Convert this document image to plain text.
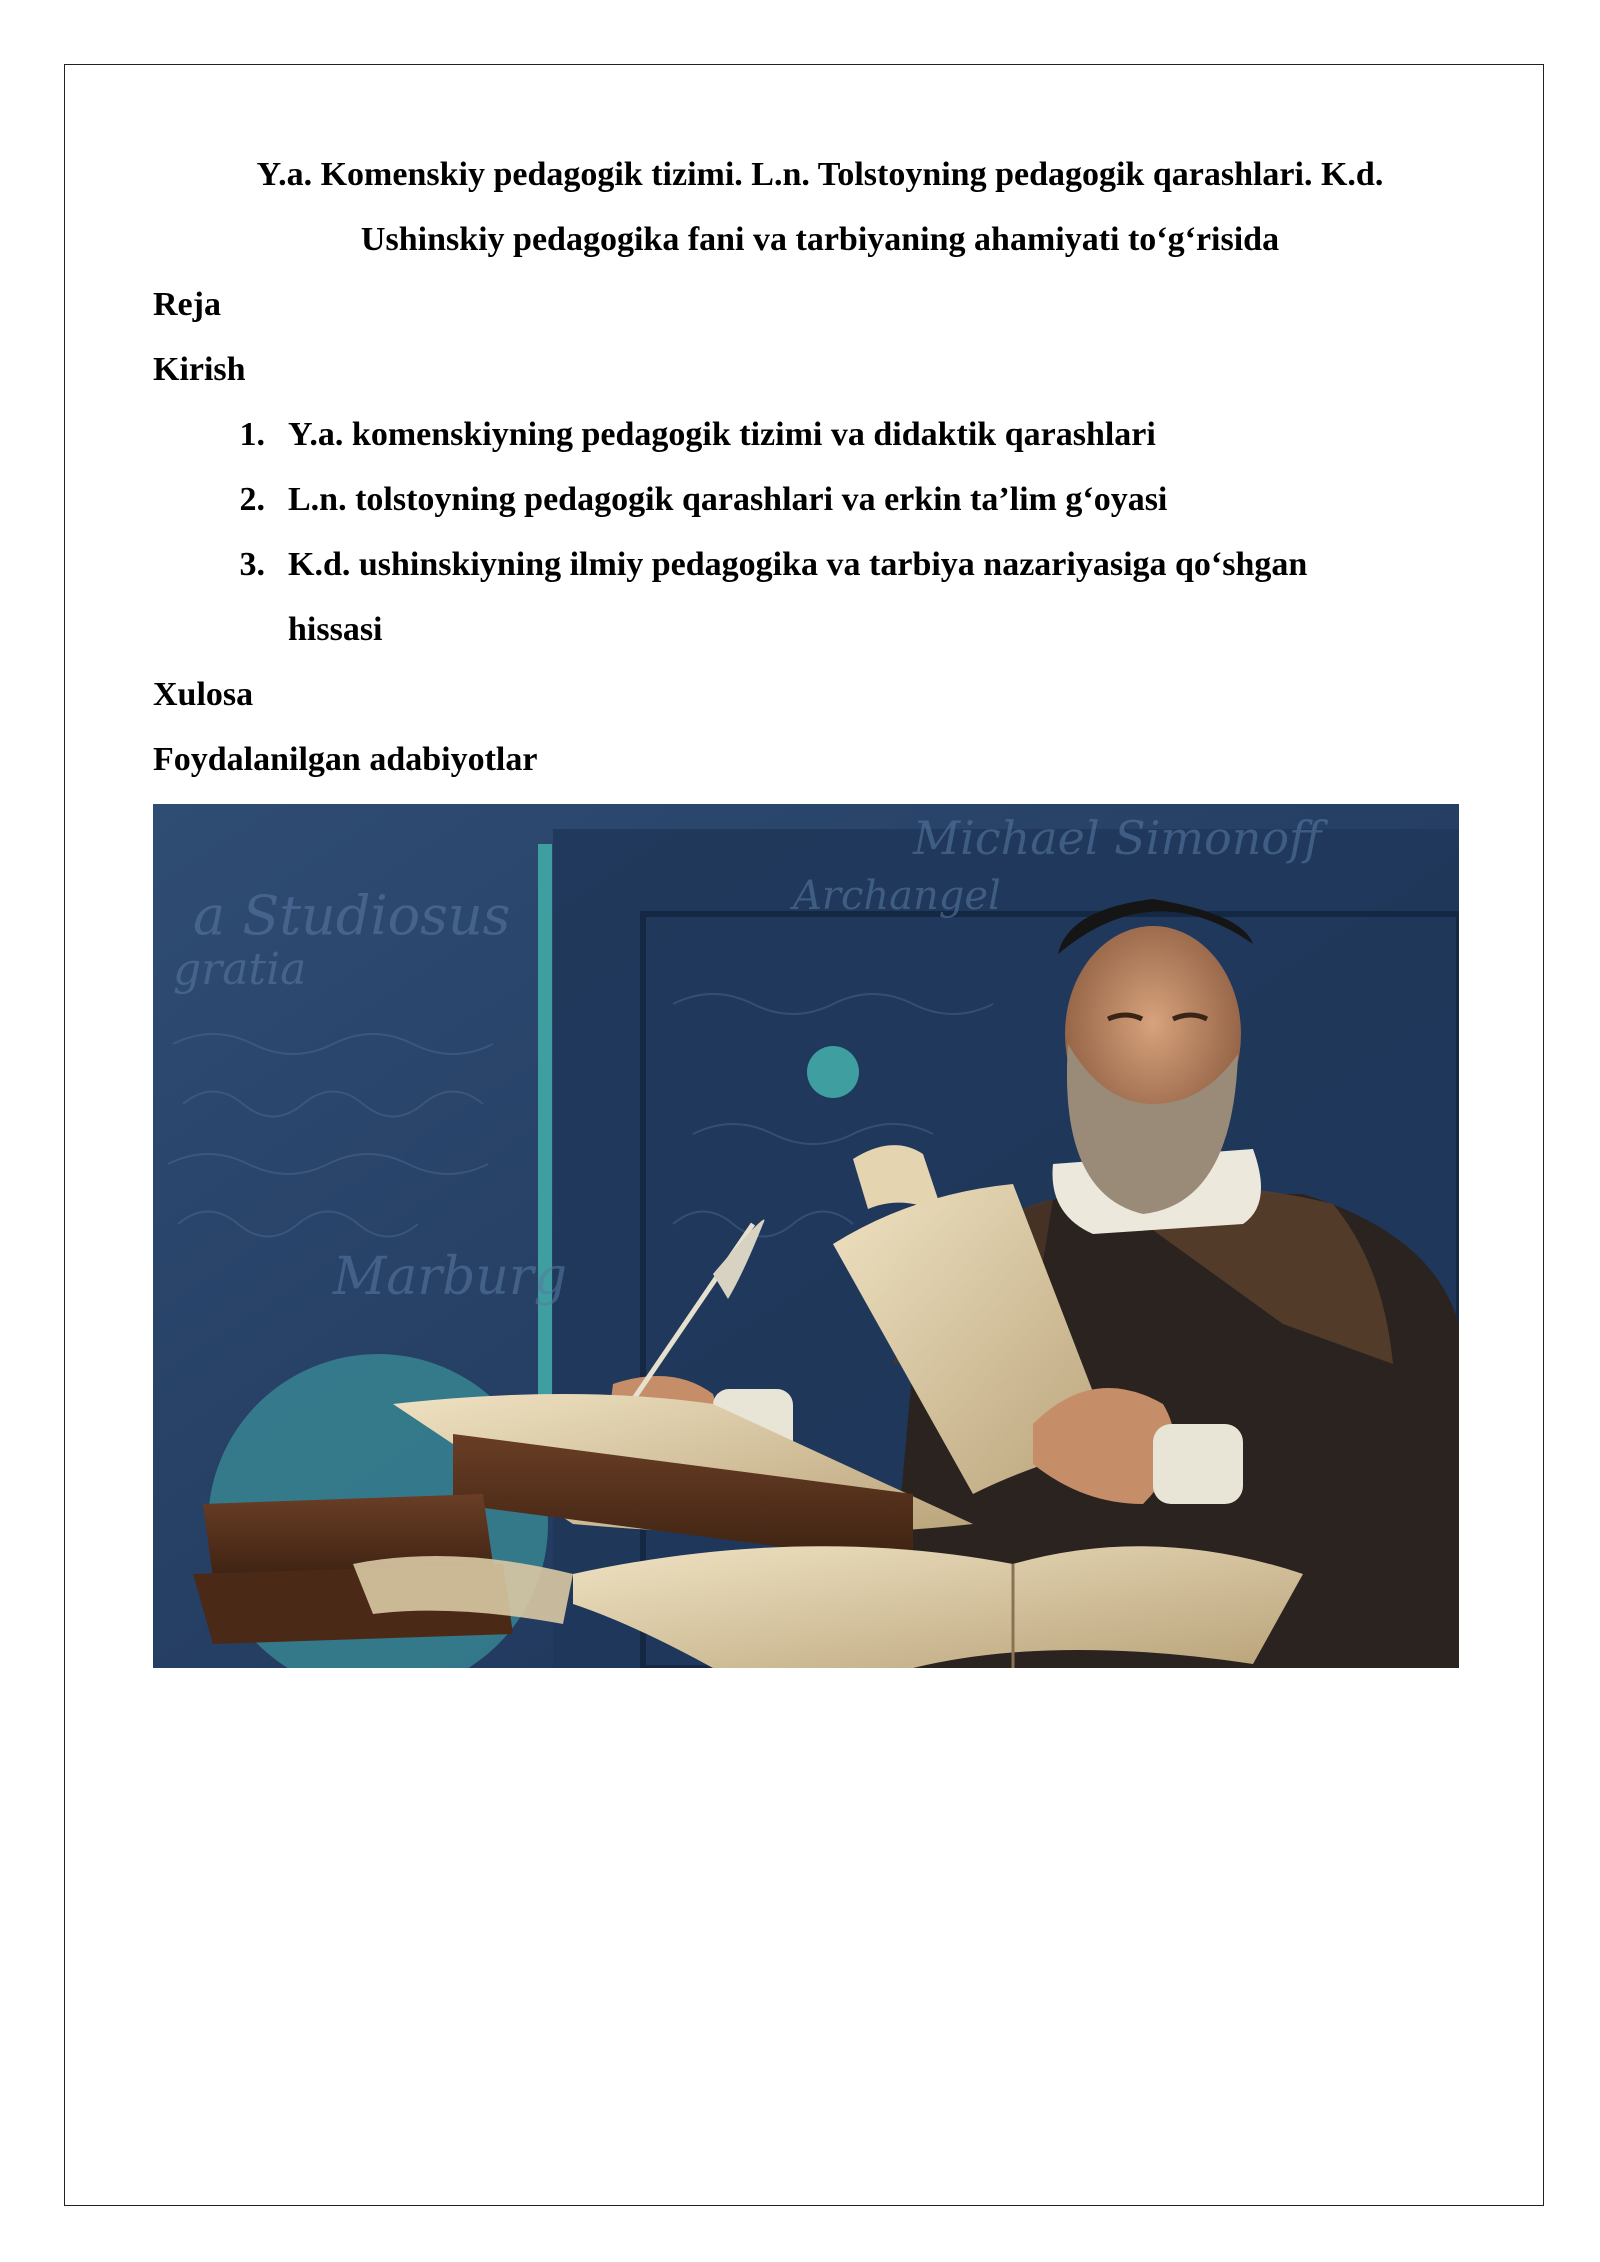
Y.a. Komenskiy pedagogik tizimi. L.n. Tolstoyning pedagogik qarashlari. K.d.
Ushinskiy pedagogika fani va tarbiyaning ahamiyati to‘g‘risida
Reja
Kirish
1. Y.a. komenskiyning pedagogik tizimi va didaktik qarashlari
2. L.n. tolstoyning pedagogik qarashlari va erkin ta’lim g‘oyasi
3. K.d. ushinskiyning ilmiy pedagogika va tarbiya nazariyasiga qo‘shgan
hissasi
Xulosa
Foydalanilgan adabiyotlar
a Studiosus
gratia
Marburg
Michael Simonoff
Archangel
